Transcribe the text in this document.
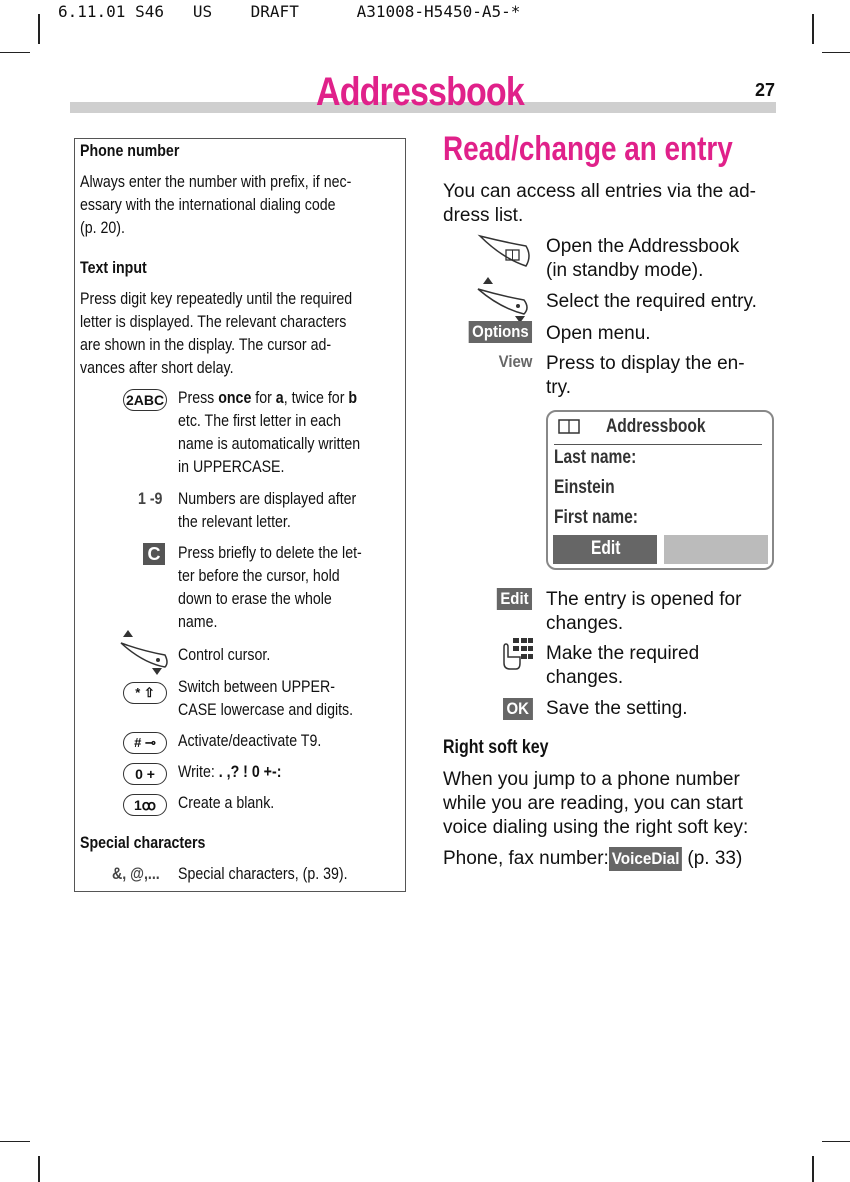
6.11.01 S46   US    DRAFT      A31008-H5450-A5-*
Addressbook	27
Phone number
Always enter the number with prefix, if nec-
essary with the international dialing code
(p. 20).
Text input
Press digit key repeatedly until the required
letter is displayed. The relevant characters
are shown in the display. The cursor ad-
vances after short delay.
2ABC Press once for a, twice for b
etc. The first letter in each
name is automatically written
in UPPERCASE.
1 -9 Numbers are displayed after
the relevant letter.
C Press briefly to delete the let-
ter before the cursor, hold
down to erase the whole
name.
Control cursor.
* ⇧	Switch between UPPER-
CASE lowercase and digits.
# ⊸	Activate/deactivate T9.
0 +	Write: . ,? ! 0 +-:
1ꝏ	Create a blank.
Special characters
&, @,... Special characters, (p. 39).
Read/change an entry
You can access all entries via the ad-
dress list.
Open the Addressbook
(in standby mode).
Select the required entry.
Options Open menu.
View Press to display the en-
try.
Addressbook
Last name:
Einstein
First name:
Edit
Edit The entry is opened for
changes.
Make the required
changes.
OK Save the setting.
Right soft key
When you jump to a phone number
while you are reading, you can start
voice dialing using the right soft key:
Phone, fax number: VoiceDial (p. 33)
